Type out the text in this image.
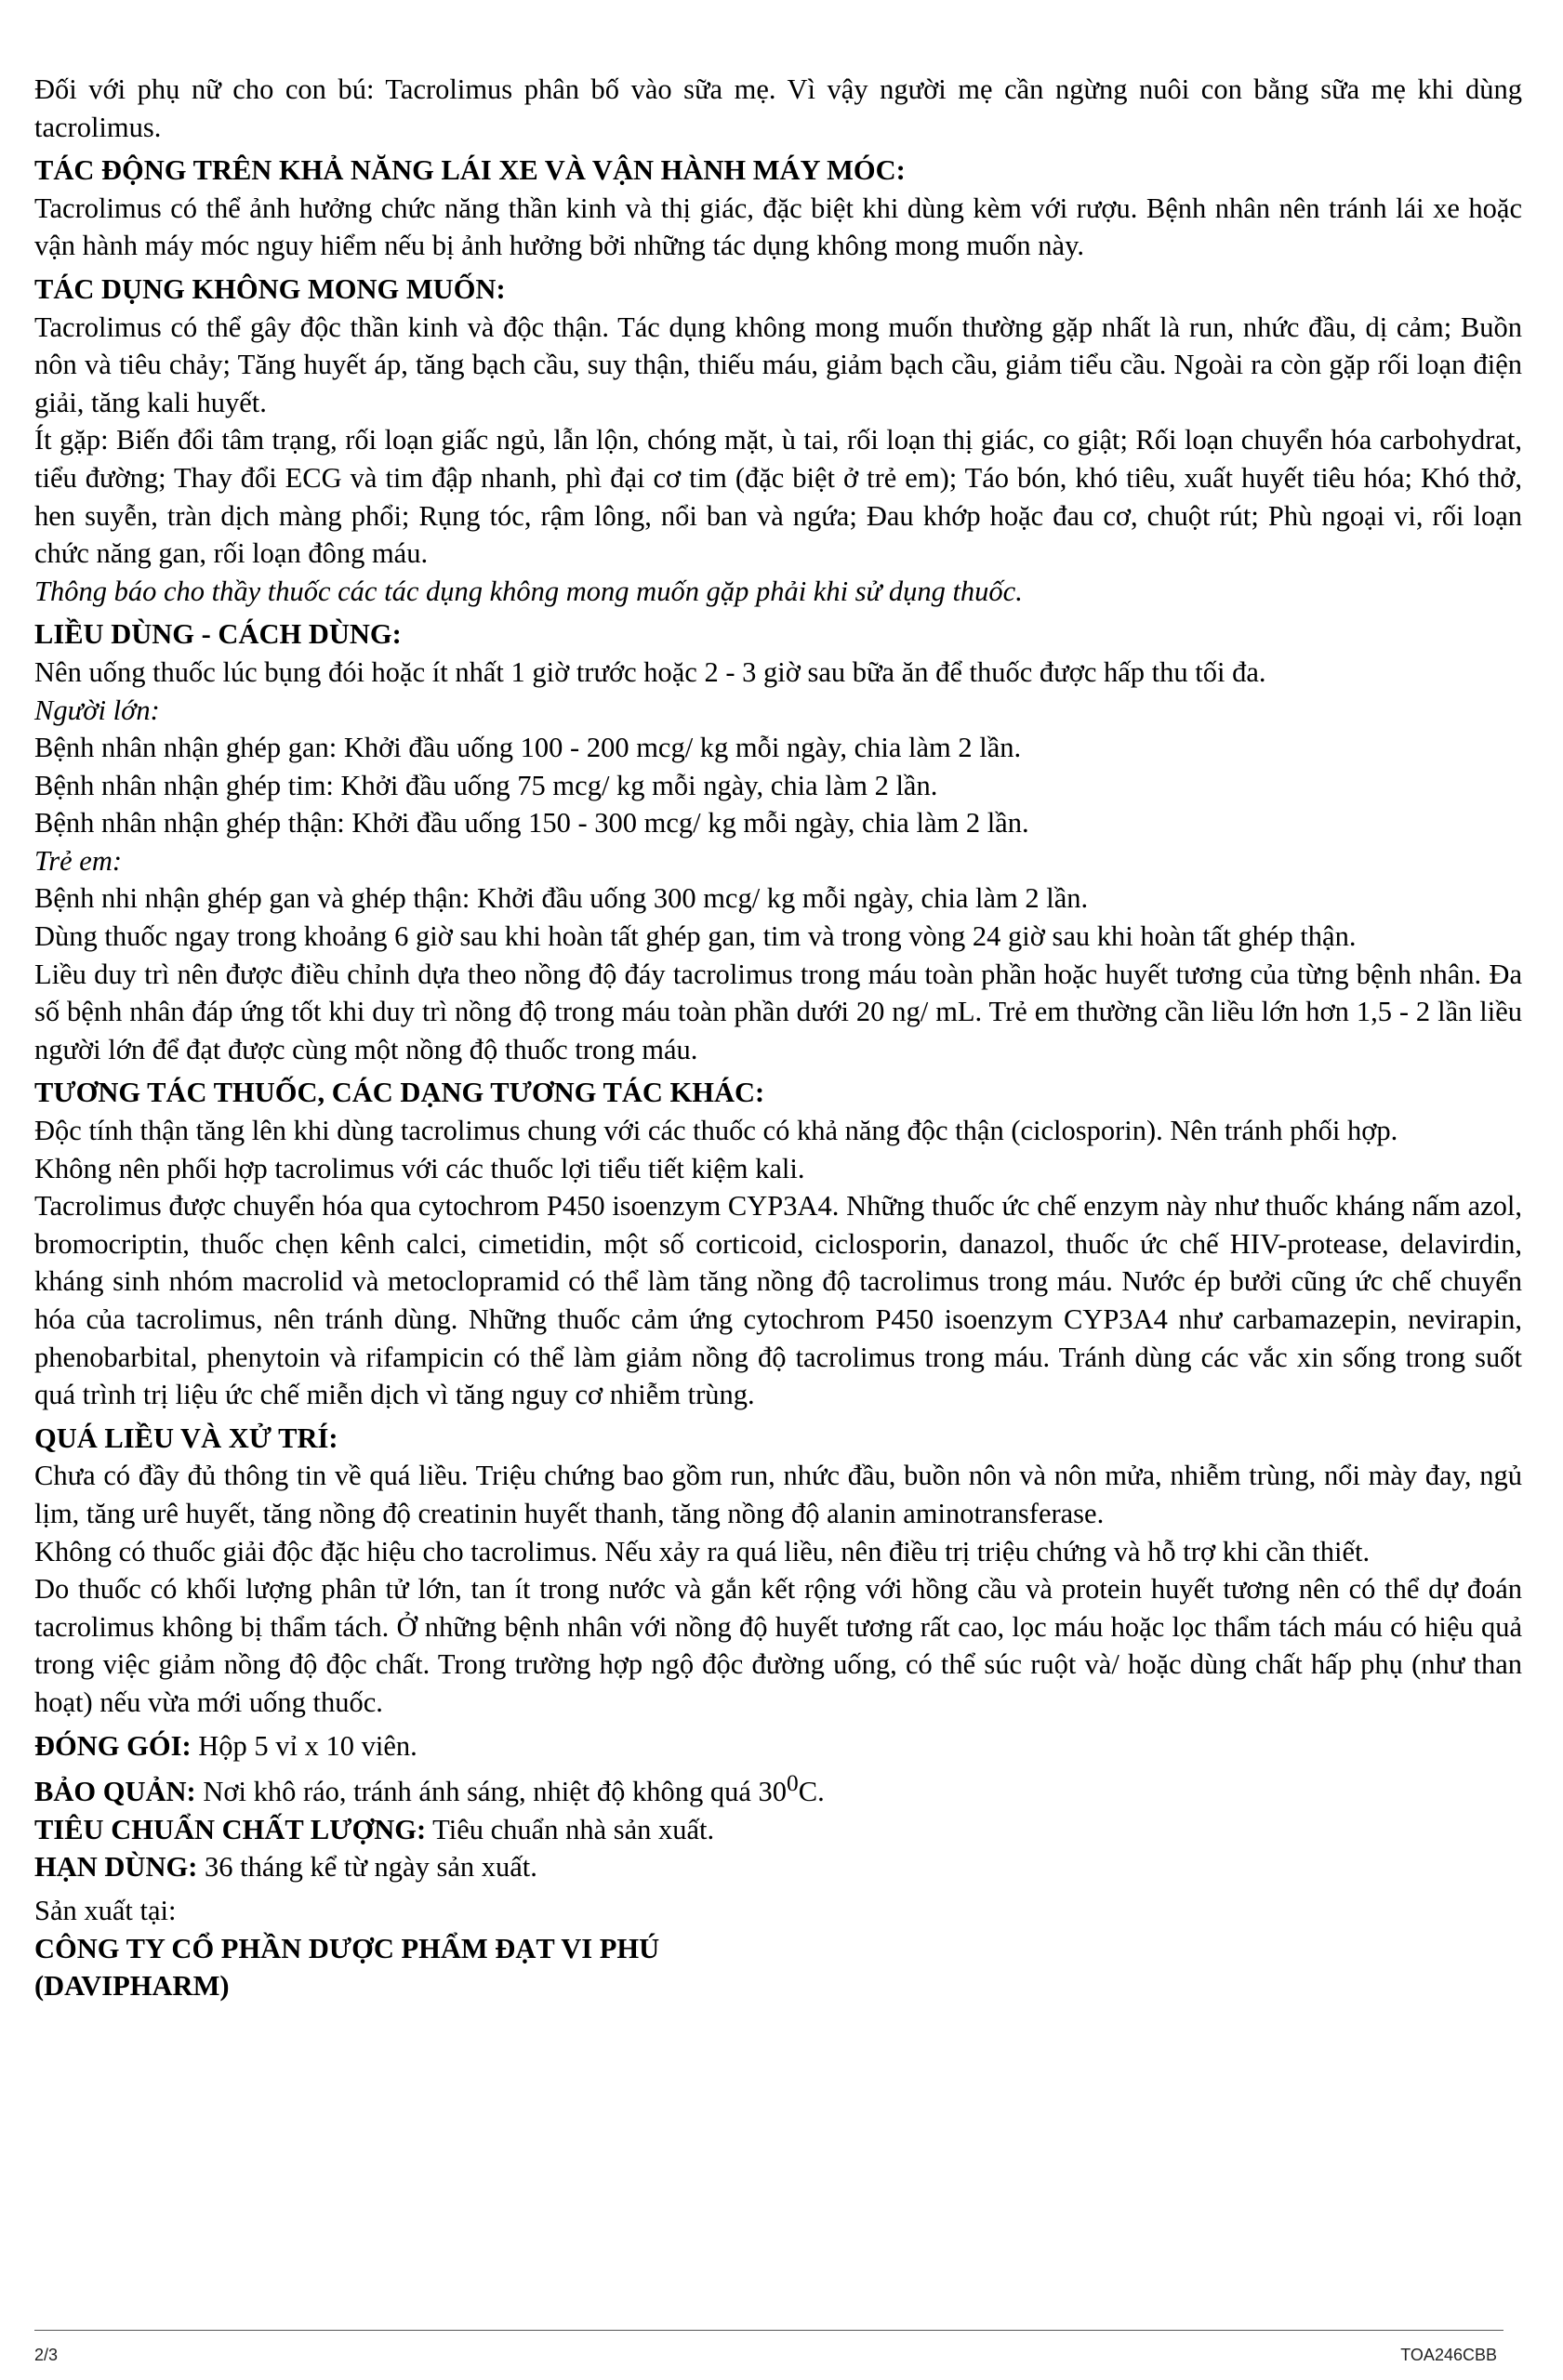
Đối với phụ nữ cho con bú: Tacrolimus phân bố vào sữa mẹ. Vì vậy người mẹ cần ngừng nuôi con bằng sữa mẹ khi dùng tacrolimus.

TÁC ĐỘNG TRÊN KHẢ NĂNG LÁI XE VÀ VẬN HÀNH MÁY MÓC:

Tacrolimus có thể ảnh hưởng chức năng thần kinh và thị giác, đặc biệt khi dùng kèm với rượu. Bệnh nhân nên tránh lái xe hoặc vận hành máy móc nguy hiểm nếu bị ảnh hưởng bởi những tác dụng không mong muốn này.

TÁC DỤNG KHÔNG MONG MUỐN:

Tacrolimus có thể gây độc thần kinh và độc thận. Tác dụng không mong muốn thường gặp nhất là run, nhức đầu, dị cảm; Buồn nôn và tiêu chảy; Tăng huyết áp, tăng bạch cầu, suy thận, thiếu máu, giảm bạch cầu, giảm tiểu cầu. Ngoài ra còn gặp rối loạn điện giải, tăng kali huyết.

Ít gặp: Biến đổi tâm trạng, rối loạn giấc ngủ, lẫn lộn, chóng mặt, ù tai, rối loạn thị giác, co giật; Rối loạn chuyển hóa carbohydrat, tiểu đường; Thay đổi ECG và tim đập nhanh, phì đại cơ tim (đặc biệt ở trẻ em); Táo bón, khó tiêu, xuất huyết tiêu hóa; Khó thở, hen suyễn, tràn dịch màng phổi; Rụng tóc, rậm lông, nổi ban và ngứa; Đau khớp hoặc đau cơ, chuột rút; Phù ngoại vi, rối loạn chức năng gan, rối loạn đông máu.

Thông báo cho thầy thuốc các tác dụng không mong muốn gặp phải khi sử dụng thuốc.

LIỀU DÙNG - CÁCH DÙNG:

Nên uống thuốc lúc bụng đói hoặc ít nhất 1 giờ trước hoặc 2 - 3 giờ sau bữa ăn để thuốc được hấp thu tối đa.

Người lớn:

Bệnh nhân nhận ghép gan: Khởi đầu uống 100 - 200 mcg/ kg mỗi ngày, chia làm 2 lần.

Bệnh nhân nhận ghép tim: Khởi đầu uống 75 mcg/ kg mỗi ngày, chia làm 2 lần.

Bệnh nhân nhận ghép thận: Khởi đầu uống 150 - 300 mcg/ kg mỗi ngày, chia làm 2 lần.

Trẻ em:

Bệnh nhi nhận ghép gan và ghép thận: Khởi đầu uống 300 mcg/ kg mỗi ngày, chia làm 2 lần.

Dùng thuốc ngay trong khoảng 6 giờ sau khi hoàn tất ghép gan, tim và trong vòng 24 giờ sau khi hoàn tất ghép thận.

Liều duy trì nên được điều chỉnh dựa theo nồng độ đáy tacrolimus trong máu toàn phần hoặc huyết tương của từng bệnh nhân. Đa số bệnh nhân đáp ứng tốt khi duy trì nồng độ trong máu toàn phần dưới 20 ng/ mL. Trẻ em thường cần liều lớn hơn 1,5 - 2 lần liều người lớn để đạt được cùng một nồng độ thuốc trong máu.

TƯƠNG TÁC THUỐC, CÁC DẠNG TƯƠNG TÁC KHÁC:

Độc tính thận tăng lên khi dùng tacrolimus chung với các thuốc có khả năng độc thận (ciclosporin). Nên tránh phối hợp.

Không nên phối hợp tacrolimus với các thuốc lợi tiểu tiết kiệm kali.

Tacrolimus được chuyển hóa qua cytochrom P450 isoenzym CYP3A4. Những thuốc ức chế enzym này như thuốc kháng nấm azol, bromocriptin, thuốc chẹn kênh calci, cimetidin, một số corticoid, ciclosporin, danazol, thuốc ức chế HIV-protease, delavirdin, kháng sinh nhóm macrolid và metoclopramid có thể làm tăng nồng độ tacrolimus trong máu. Nước ép bưởi cũng ức chế chuyển hóa của tacrolimus, nên tránh dùng. Những thuốc cảm ứng cytochrom P450 isoenzym CYP3A4 như carbamazepin, nevirapin, phenobarbital, phenytoin và rifampicin có thể làm giảm nồng độ tacrolimus trong máu. Tránh dùng các vắc xin sống trong suốt quá trình trị liệu ức chế miễn dịch vì tăng nguy cơ nhiễm trùng.

QUÁ LIỀU VÀ XỬ TRÍ:

Chưa có đầy đủ thông tin về quá liều. Triệu chứng bao gồm run, nhức đầu, buồn nôn và nôn mửa, nhiễm trùng, nổi mày đay, ngủ lịm, tăng urê huyết, tăng nồng độ creatinin huyết thanh, tăng nồng độ alanin aminotransferase.

Không có thuốc giải độc đặc hiệu cho tacrolimus. Nếu xảy ra quá liều, nên điều trị triệu chứng và hỗ trợ khi cần thiết.

Do thuốc có khối lượng phân tử lớn, tan ít trong nước và gắn kết rộng với hồng cầu và protein huyết tương nên có thể dự đoán tacrolimus không bị thẩm tách. Ở những bệnh nhân với nồng độ huyết tương rất cao, lọc máu hoặc lọc thẩm tách máu có hiệu quả trong việc giảm nồng độ độc chất. Trong trường hợp ngộ độc đường uống, có thể súc ruột và/ hoặc dùng chất hấp phụ (như than hoạt) nếu vừa mới uống thuốc.

ĐÓNG GÓI: Hộp 5 vỉ x 10 viên.

BẢO QUẢN: Nơi khô ráo, tránh ánh sáng, nhiệt độ không quá $30^0C$.

TIÊU CHUẨN CHẤT LƯỢNG: Tiêu chuẩn nhà sản xuất.

HẠN DÙNG: 36 tháng kể từ ngày sản xuất.

Sản xuất tại:

CÔNG TY CỔ PHẦN DƯỢC PHẨM ĐẠT VI PHÚ

(DAVIPHARM)

2/3	TOA246CBB
